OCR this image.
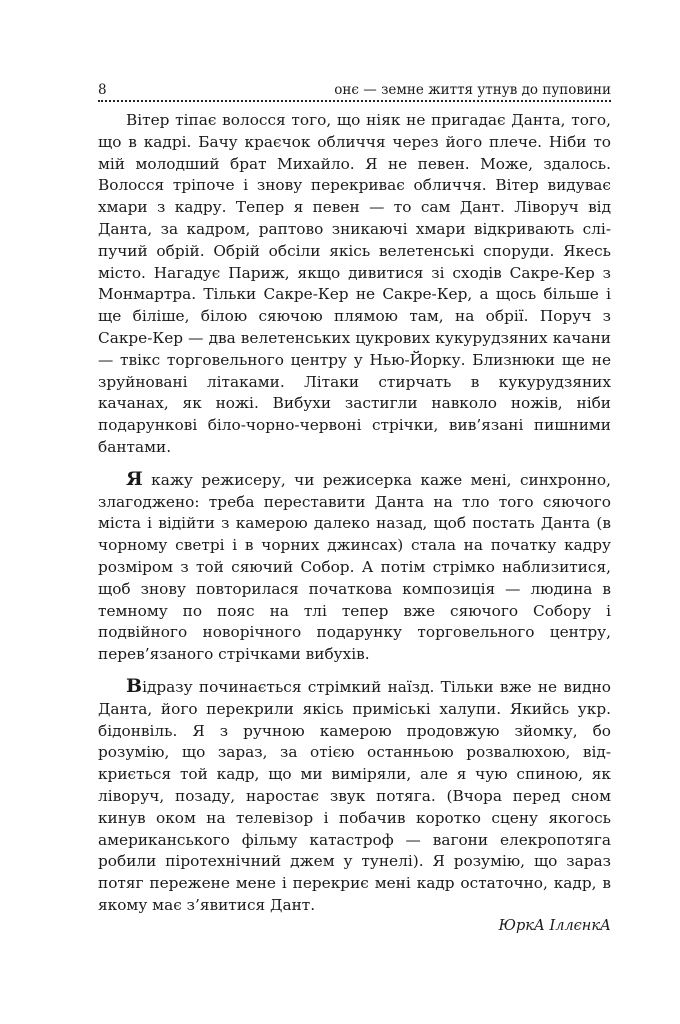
8	онє — земне життя утнув до пуповини

Вітер тіпає волосся того, що ніяк не пригадає Данта, того, що в кадрі. Бачу краєчок обличчя через його плече. Ніби то мій молодший брат Михайло. Я не певен. Може, здалось. Волосся тріпоче і знову перекриває обличчя. Вітер видуває хмари з кадру. Тепер я певен — то сам Дант. Ліворуч від Данта, за кадром, раптово зникаючі хмари відкривають сліпучий обрій. Обрій обсіли якісь велетенські споруди. Якесь місто. Нагадує Париж, якщо дивитися зі сходів Сакре-Кер з Монмартра. Тільки Сакре-Кер не Сакре-Кер, а щось більше і ще біліше, білою сяючою плямою там, на обрії. Поруч з Сакре-Кер — два велетенських цукрових кукурудзяних качани — твікс торговельного центру у Нью-Йорку. Близнюки ще не зруйновані літаками. Літаки стирчать в кукурудзяних качанах, як ножі. Вибухи застигли навколо ножів, ніби подарункові біло-чорно-червоні стрічки, вив’язані пишними бантами.

Я кажу режисеру, чи режисерка каже мені, синхронно, злагоджено: треба переставити Данта на тло того сяючого міста і відійти з камерою далеко назад, щоб постать Данта (в чорному светрі і в чорних джинсах) стала на початку кадру розміром з той сяючий Собор. А потім стрімко наблизитися, щоб знову повторилася початкова композиція — людина в темному по пояс на тлі тепер вже сяючого Собору і подвійного новорічного подарунку торговельного центру, перев’язаного стрічками вибухів.

Відразу починається стрімкий наїзд. Тільки вже не видно Данта, його перекрили якісь приміські халупи. Якийсь укр. бідонвіль. Я з ручною камерою продовжую зйомку, бо розумію, що зараз, за отією останньою розвалюхою, відкриється той кадр, що ми виміряли, але я чую спиною, як ліворуч, позаду, наростає звук потяга. (Вчора перед сном кинув оком на телевізор і побачив коротко сцену якогось американського фільму катастроф — вагони елекропотяга робили піротехнічний джем у тунелі). Я розумію, що зараз потяг пережене мене і перекриє мені кадр остаточно, кадр, в якому має з’явитися Дант.

ЮркА ІллєнкА
